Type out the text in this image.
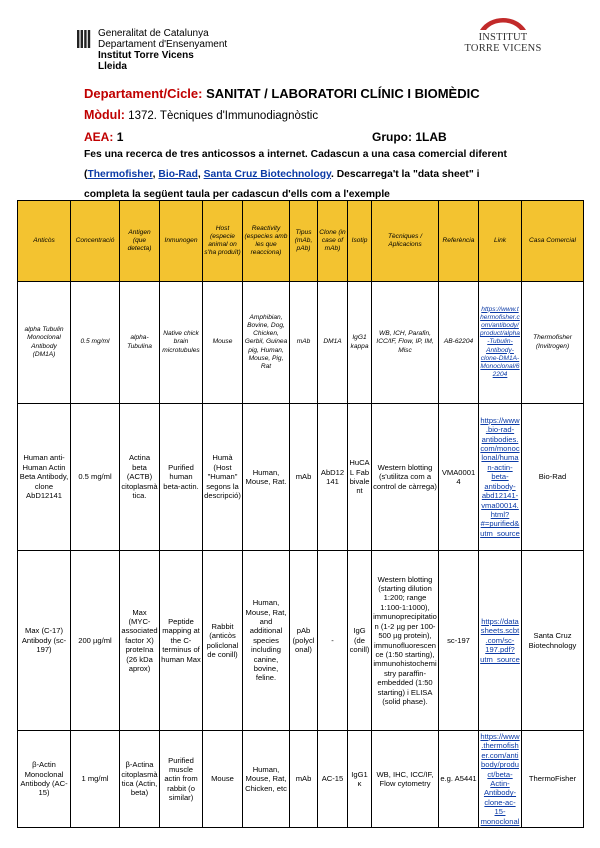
Generalitat de Catalunya
Departament d'Ensenyament
Institut Torre Vicens
Lleida
INSTITUT
TORRE VICENS
Departament/Cicle: SANITAT / LABORATORI CLÍNIC I BIOMÈDIC
Mòdul: 1372. Tècniques d'Immunodiagnòstic
AEA: 1	Grupo: 1LAB
Fes una recerca de tres anticossos a internet. Cadascun a una casa comercial diferent (Thermofisher, Bio-Rad, Santa Cruz Biotechnology. Descarrega't la "data sheet" i completa la següent taula per cadascun d'ells com a l'exemple
Anticòs	Concentració	Antigen (que detecta)	Inmunogen	Host (especie animal on s'ha produït)	Reactivity (especies amb les que reacciona)	Tipus (mAb, pAb)	Clone (in case of mAb)	Isotip	Tècniques / Aplicacions	Referència	Link	Casa Comercial
alpha Tubulin Monoclonal Antibody (DM1A)	0.5 mg/ml	alpha-Tubulina	Native chick brain microtubules	Mouse	Amphibian, Bovine, Dog, Chicken, Gerbil, Guinea pig, Human, Mouse, Pig, Rat	mAb	DM1A	IgG1 kappa	WB, ICH, Parafin, ICC/IF, Flow, IP, IM, Misc	AB-62204	https://www.thermofisher.com/antibody/product/alpha-Tubulin-Antibody-clone-DM1A-Monoclonal/62204	Thermofisher (Invitrogen)
Human anti-Human Actin Beta Antibody, clone AbD12141	0.5 mg/ml	Actina beta (ACTB) citoplasmàtica.	Purified human beta-actin.	Humà (Host "Human" segons la descripció)	Human, Mouse, Rat.	mAb	AbD12141	HuCAL Fab bivalent	Western blotting (s'utilitza com a control de càrrega)	VMA00014	https://www.bio-rad-antibodies.com/monoclonal/human-actin-beta-antibody-abd12141-vma00014.html?#=purified&utm_source	Bio-Rad
Max (C-17) Antibody (sc-197)	200 µg/ml	Max (MYC-associated factor X) proteïna (26 kDa aprox)	Peptide mapping at the C-terminus of human Max	Rabbit (anticòs policlonal de conill)	Human, Mouse, Rat, and additional species including canine, bovine, feline.	pAb (polyclonal)	-	IgG (de conill)	Western blotting (starting dilution 1:200; range 1:100-1:1000), immunoprecipitation (1-2 µg per 100-500 µg protein), immunofluorescence (1:50 starting), immunohistochemistry paraffin-embedded (1:50 starting) i ELISA (solid phase).	sc-197	https://datasheets.scbt.com/sc-197.pdf?utm_source	Santa Cruz Biotechnology
β-Actin Monoclonal Antibody (AC-15)	1 mg/ml	β-Actina citoplasmàtica (Actin, beta)	Purified muscle actin from rabbit (o similar)	Mouse	Human, Mouse, Rat, Chicken, etc	mAb	AC-15	IgG1 κ	WB, IHC, ICC/IF, Flow cytometry	e.g. A5441	https://www.thermofisher.com/antibody/product/beta-Actin-Antibody-clone-ac-15-monoclonal	ThermoFisher
